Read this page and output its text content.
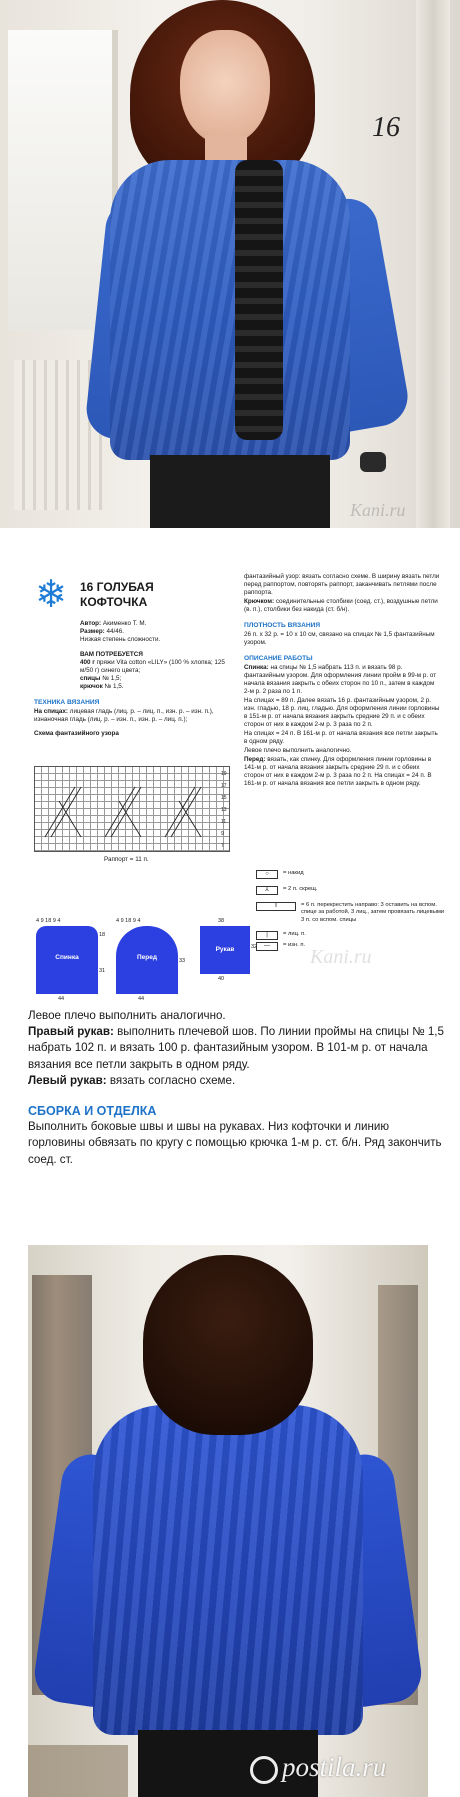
16
Kani.ru
❄ 16 ГОЛУБАЯ
КОФТОЧКА
Автор: Акименко Т. М.
Размер: 44/46.
Низкая степень сложности.
ВАМ ПОТРЕБУЕТСЯ
400 г пряжи Vita cotton «LILY» (100 % хлопка; 125 м/50 г) синего цвета;
спицы № 1,5;
крючок № 1,5.
ТЕХНИКА ВЯЗАНИЯ
На спицах: лицевая гладь (лиц. р. – лиц. п., изн. р. – изн. п.), изнаночная гладь (лиц. р. – изн. п., изн. р. – лиц. п.);
Схема фантазийного узора
19
17
15
13
11
9
7
Раппорт = 11 п.
4 9 18 9 4
Спинка
18
31
44
4 9 18 9 4
Перед	33
44
38
Рукав	32
40
фантазийный узор: вязать согласно схеме. В ширину вязать петли перед раппортом, повторять раппорт, заканчивать петлями после раппорта.
Крючком: соединительные столбики (соед. ст.), воздушные петли (в. п.), столбики без накида (ст. б/н).
ПЛОТНОСТЬ ВЯЗАНИЯ
26 п. x 32 р. = 10 x 10 см, связано на спицах № 1,5 фантазийным узором.
ОПИСАНИЕ РАБОТЫ
Спинка: на спицы № 1,5 набрать 113 п. и вязать 98 р. фантазийным узором. Для оформления линии пройм в 99-м р. от начала вязания закрыть с обеих сторон по 10 п., затем в каждом 2-м р. 2 раза по 1 п.
На спицах = 89 п. Далее вязать 16 р. фантазийным узором, 2 р. изн. гладью, 18 р. лиц. гладью. Для оформления линии горловины в 151-м р. от начала вязания закрыть средние 29 п. и с обеих сторон от них в каждом 2-м р. 3 раза по 2 п.
На спицах = 24 п. В 161-м р. от начала вязания все петли закрыть в одном ряду.
Левое плечо выполнить аналогично.
Перед: вязать, как спинку. Для оформления линии горловины в 141-м р. от начала вязания закрыть средние 29 п. и с обеих сторон от них в каждом 2-м р. 3 раза по 2 п. На спицах = 24 п. В 161-м р. от начала вязания все петли закрыть в одном ряду.
○	= накид
⅄	= 2 п. скрещ.
⧘⧙	= 6 п. перекрестить направо: 3 оставить на вспом. спице за работой, 3 лиц., затем провязать лицевыми 3 п. со вспом. спицы
|	= лиц. п.
—	= изн. п.
Kani.ru
Левое плечо выполнить аналогично.
Правый рукав: выполнить плечевой шов. По линии проймы на спицы № 1,5 набрать 102 п. и вязать 100 р. фантазийным узором. В 101-м р. от начала вязания все петли закрыть в одном ряду.
Левый рукав: вязать согласно схеме.
СБОРКА И ОТДЕЛКА
Выполнить боковые швы и швы на рукавах. Низ кофточки и линию горловины обвязать по кругу с помощью крючка 1-м р. ст. б/н. Ряд закончить соед. ст.
postila.ru
